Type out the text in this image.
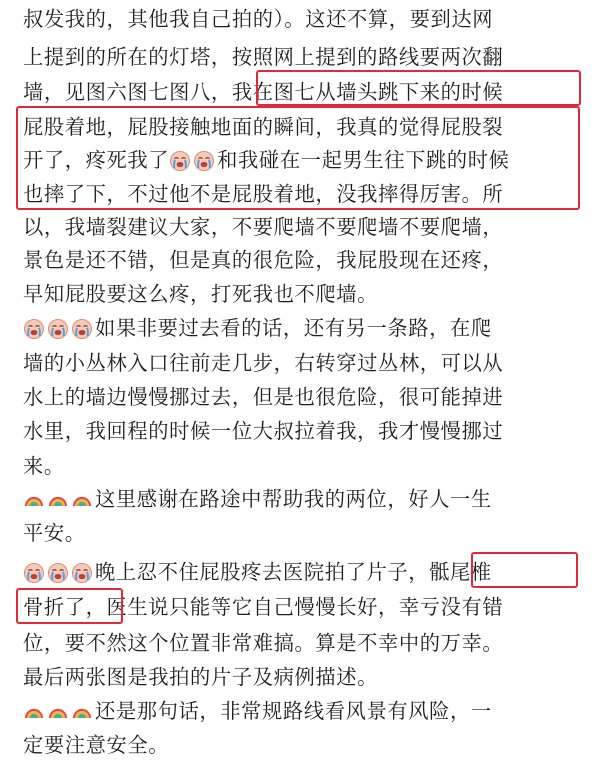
叔发我的，其他我自己拍的）。这还不算，要到达网
上提到的所在的灯塔，按照网上提到的路线要两次翻
墙，见图六图七图八，我在图七从墙头跳下来的时候
屁股着地，屁股接触地面的瞬间，我真的觉得屁股裂
开了，疼死我了 和我碰在一起男生往下跳的时候
也摔了下，不过他不是屁股着地，没我摔得厉害。所
以，我墙裂建议大家，不要爬墙不要爬墙不要爬墙，
景色是还不错，但是真的很危险，我屁股现在还疼，
早知屁股要这么疼，打死我也不爬墙。
如果非要过去看的话，还有另一条路，在爬
墙的小丛林入口往前走几步，右转穿过丛林，可以从
水上的墙边慢慢挪过去，但是也很危险，很可能掉进
水里，我回程的时候一位大叔拉着我，我才慢慢挪过
来。
这里感谢在路途中帮助我的两位，好人一生
平安。
晚上忍不住屁股疼去医院拍了片子，骶尾椎
骨折了，医生说只能等它自己慢慢长好，幸亏没有错
位，要不然这个位置非常难搞。算是不幸中的万幸。
最后两张图是我拍的片子及病例描述。
还是那句话，非常规路线看风景有风险，一
定要注意安全。
